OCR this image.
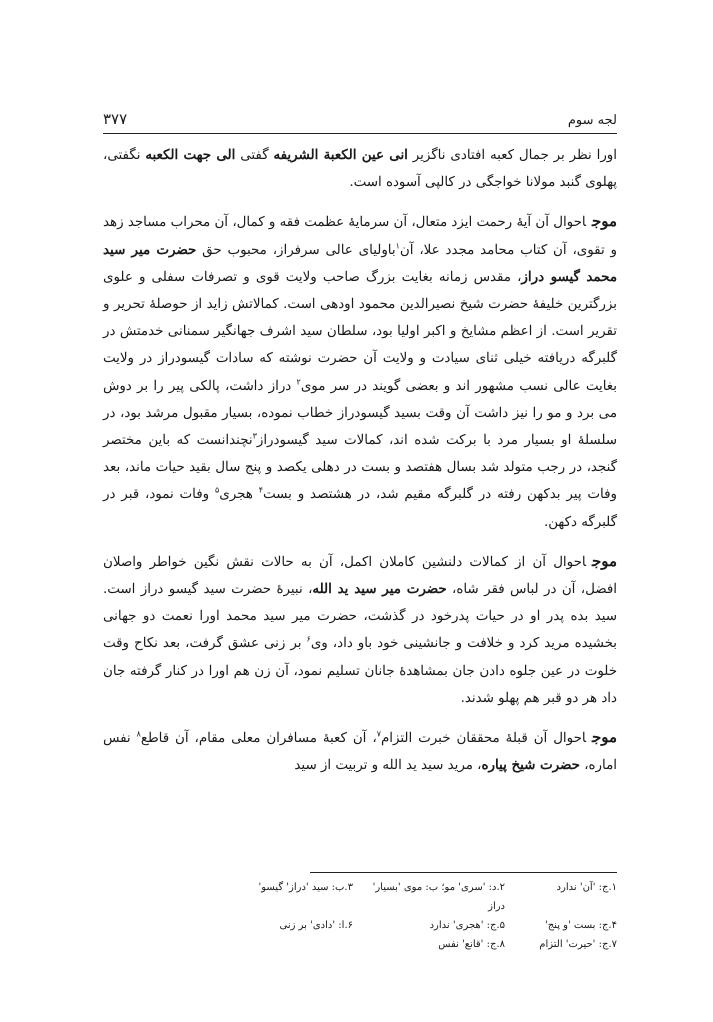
لجه سوم
۳۷۷

اورا نظر بر جمال کعبه افتادی ناگزیر انی عین الکعبة الشریفه گفتی الی جهت الکعبه نگفتی، پهلوی گنبد مولانا خواجگی در کالپی آسوده است.

موجاحوال آن آیهٔ رحمت ایزد متعال، آن سرمایهٔ عظمت فقه و کمال، آن محراب مساجد زهد و تقوی، آن کتاب محامد مجدد علا، آن$^۱$باولیای عالی سرفراز، محبوب حق حضرت میر سید محمد گیسو دراز، مقدس زمانه بغایت بزرگ صاحب ولایت قوی و تصرفات سفلی و علوی بزرگترین خلیفهٔ حضرت شیخ نصیرالدین محمود اودهی است. کمالاتش زاید از حوصلهٔ تحریر و تقریر است. از اعظم مشایخ و اکبر اولیا بود، سلطان سید اشرف جهانگیر سمنانی خدمتش در گلبرگه دریافته خیلی ثنای سیادت و ولایت آن حضرت نوشته که سادات گیسودراز در ولایت بغایت عالی نسب مشهور اند و بعضی گویند در سر موی$^۲$ دراز داشت، پالکی پیر را بر دوش می برد و مو را نیز داشت آن وقت بسید گیسودراز خطاب نموده، بسیار مقبول مرشد بود، در سلسلهٔ او بسیار مرد با برکت شده اند، کمالات سید گیسودراز$^۳$نچندانست که باین مختصر گنجد، در رجب متولد شد بسال هفتصد و بست در دهلی یکصد و پنج سال بقید حیات ماند، بعد وفات پیر بدکهن رفته در گلبرگه مقیم شد، در هشتصد و بست$^۴$ هجری$^۵$ وفات نمود، قبر در گلبرگه دکهن.

موجاحوال آن از کمالات دلنشین کاملان اکمل، آن به حالات نقش نگین خواطر واصلان افضل، آن در لباس فقر شاه، حضرت میر سید ید الله، نبیرهٔ حضرت سید گیسو دراز است. سید بده پدر او در حیات پدرخود در گذشت، حضرت میر سید محمد اورا نعمت دو جهانی بخشیده مرید کرد و خلافت و جانشینی خود باو داد، وی$^۶$ بر زنی عشق گرفت، بعد نکاح وقت خلوت در عین جلوه دادن جان بمشاهدهٔ جانان تسلیم نمود، آن زن هم اورا در کنار گرفته جان داد هر دو قبر هم پهلو شدند.

موجاحوال آن قبلهٔ محققان خبرت التزام$^۷$، آن کعبهٔ مسافران معلی مقام، آن قاطع$^۸$ نفس اماره، حضرت شیخ پیاره، مرید سید ید الله و تربیت از سید

۱.ج: 'آن' ندارد
۲.د: 'سری' مو؛ ب: موی 'بسیار' دراز
۳.ب: سید 'دراز' گیسو'
۴.ج: بست 'و پنج'
۵.ج: 'هجری' ندارد
۶.ا: 'دادی' بر زنی
۷.ج: 'حیرت' التزام
۸.ج: 'قانع' نفس
